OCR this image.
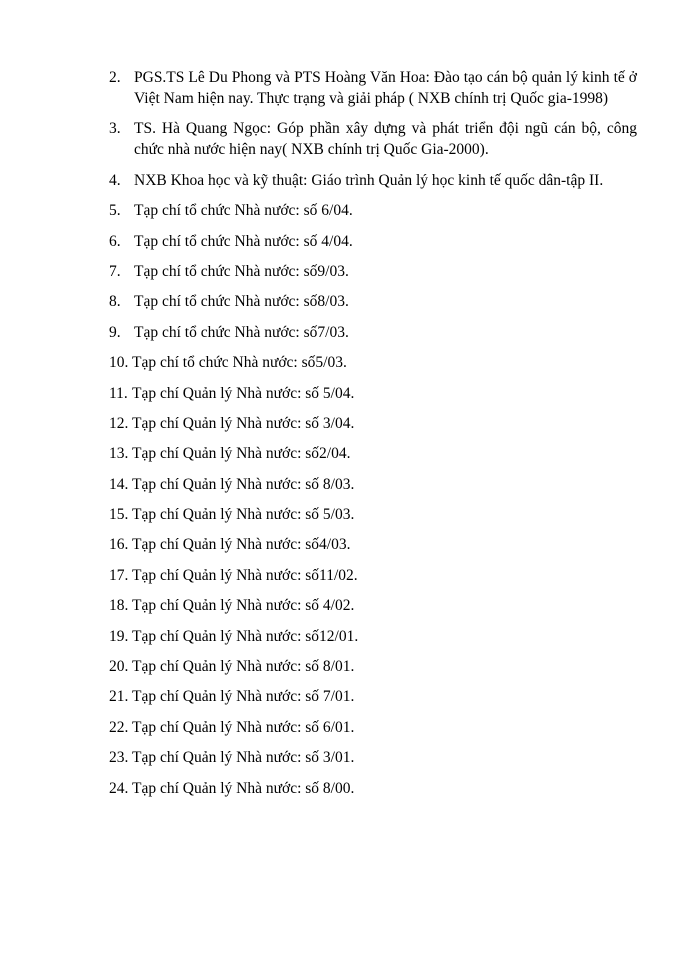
2. PGS.TS Lê Du Phong và PTS Hoàng Văn Hoa: Đào tạo cán bộ quản lý kinh tế ở Việt Nam hiện nay. Thực trạng và giải pháp ( NXB chính trị Quốc gia-1998)
3. TS. Hà Quang Ngọc: Góp phần xây dựng và phát triển đội ngũ cán bộ, công chức nhà nước hiện nay( NXB chính trị Quốc Gia-2000).
4. NXB Khoa học và kỹ thuật: Giáo trình Quản lý học kinh tế quốc dân-tập II.
5. Tạp chí tổ chức Nhà nước: số 6/04.
6. Tạp chí tổ chức Nhà nước: số 4/04.
7. Tạp chí tổ chức Nhà nước: số9/03.
8. Tạp chí tổ chức Nhà nước: số8/03.
9. Tạp chí tổ chức Nhà nước: số7/03.
10. Tạp chí tổ chức Nhà nước: số5/03.
11. Tạp chí Quản lý Nhà nước: số 5/04.
12. Tạp chí Quản lý Nhà nước: số 3/04.
13. Tạp chí Quản lý Nhà nước: số2/04.
14. Tạp chí Quản lý Nhà nước: số 8/03.
15. Tạp chí Quản lý Nhà nước: số 5/03.
16. Tạp chí Quản lý Nhà nước: số4/03.
17. Tạp chí Quản lý Nhà nước: số11/02.
18. Tạp chí Quản lý Nhà nước: số 4/02.
19. Tạp chí Quản lý Nhà nước: số12/01.
20. Tạp chí Quản lý Nhà nước: số 8/01.
21. Tạp chí Quản lý Nhà nước: số 7/01.
22. Tạp chí Quản lý Nhà nước: số 6/01.
23. Tạp chí Quản lý Nhà nước: số 3/01.
24. Tạp chí Quản lý Nhà nước: số 8/00.
